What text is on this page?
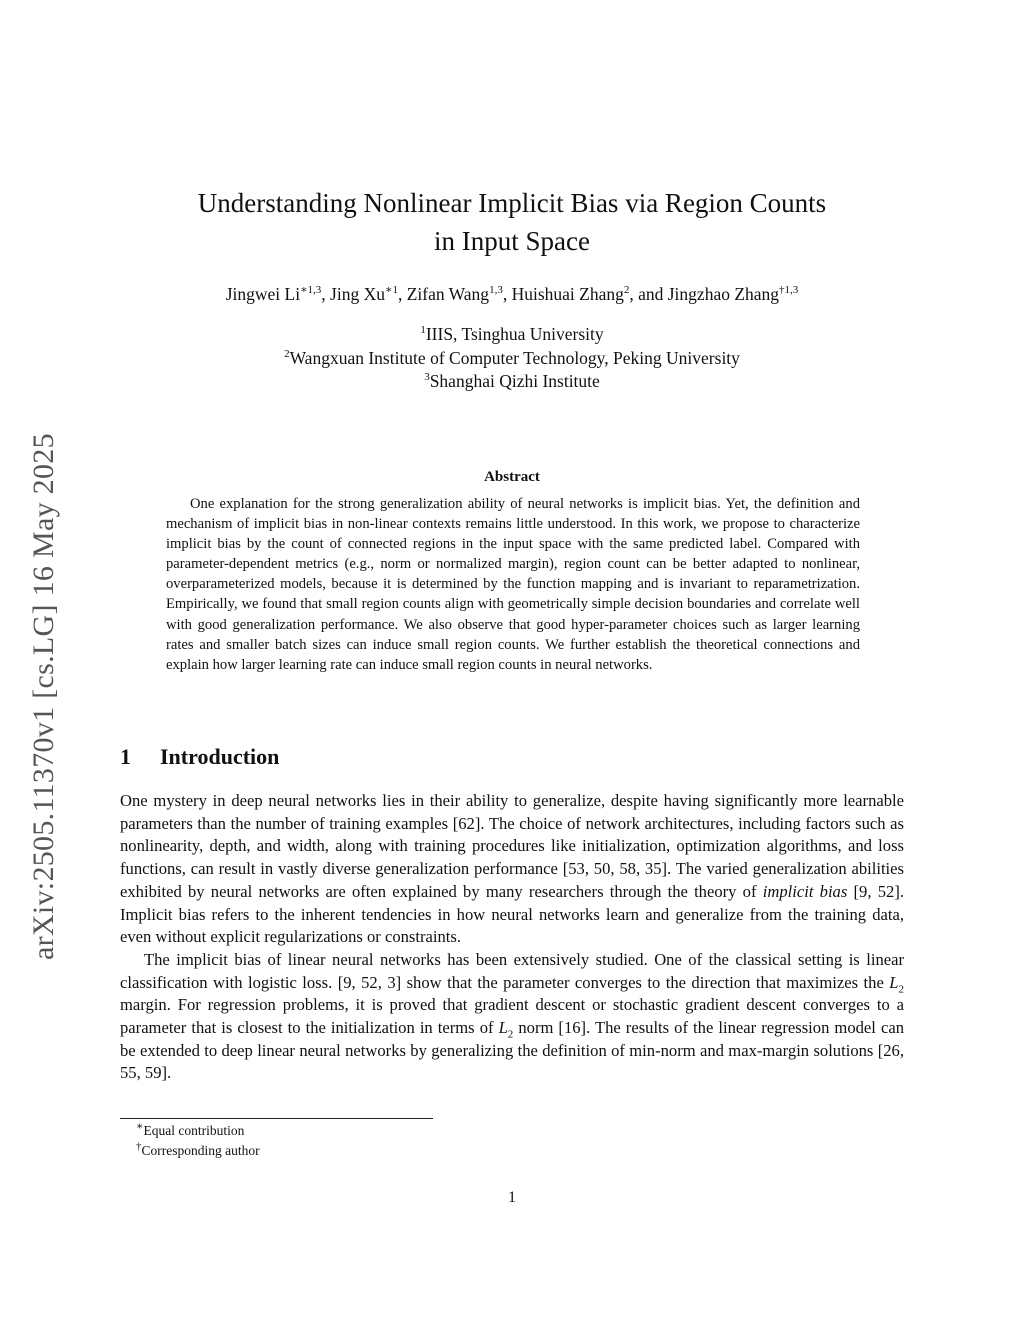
arXiv:2505.11370v1 [cs.LG] 16 May 2025
Understanding Nonlinear Implicit Bias via Region Counts
in Input Space
Jingwei $Li^{∗1,3}$, Jing $Xu^{∗1}$, Zifan Wang$^{1,3}$, Huishuai Zhang$^2$, and Jingzhao Zhang$^{\dagger 1,3}$
$^1$IIIS, Tsinghua University
$^2$Wangxuan Institute of Computer Technology, Peking University
$^3$Shanghai Qizhi Institute
Abstract

One explanation for the strong generalization ability of neural networks is implicit bias. Yet, the definition and mechanism of implicit bias in non-linear contexts remains little understood. In this work, we propose to characterize implicit bias by the count of connected regions in the input space with the same predicted label. Compared with parameter-dependent metrics (e.g., norm or normalized margin), region count can be better adapted to nonlinear, overparameterized models, because it is determined by the function mapping and is invariant to reparametrization. Empirically, we found that small region counts align with geometrically simple decision boundaries and correlate well with good generalization performance. We also observe that good hyper-parameter choices such as larger learning rates and smaller batch sizes can induce small region counts. We further establish the theoretical connections and explain how larger learning rate can induce small region counts in neural networks.

1 Introduction

One mystery in deep neural networks lies in their ability to generalize, despite having significantly more learnable parameters than the number of training examples [62]. The choice of network architectures, including factors such as nonlinearity, depth, and width, along with training procedures like initialization, optimization algorithms, and loss functions, can result in vastly diverse generalization performance [53, 50, 58, 35]. The varied generalization abilities exhibited by neural networks are often explained by many researchers through the theory of implicit bias [9, 52]. Implicit bias refers to the inherent tendencies in how neural networks learn and generalize from the training data, even without explicit regularizations or constraints.

The implicit bias of linear neural networks has been extensively studied. One of the classical setting is linear classification with logistic loss. [9, 52, 3] show that the parameter converges to the direction that maximizes the $L_2$ margin. For regression problems, it is proved that gradient descent or stochastic gradient descent converges to a parameter that is closest to the initialization in terms of $L_2$ norm [16]. The results of the linear regression model can be extended to deep linear neural networks by generalizing the definition of min-norm and max-margin solutions [26, 55, 59].

∗Equal contribution
†Corresponding author
1
